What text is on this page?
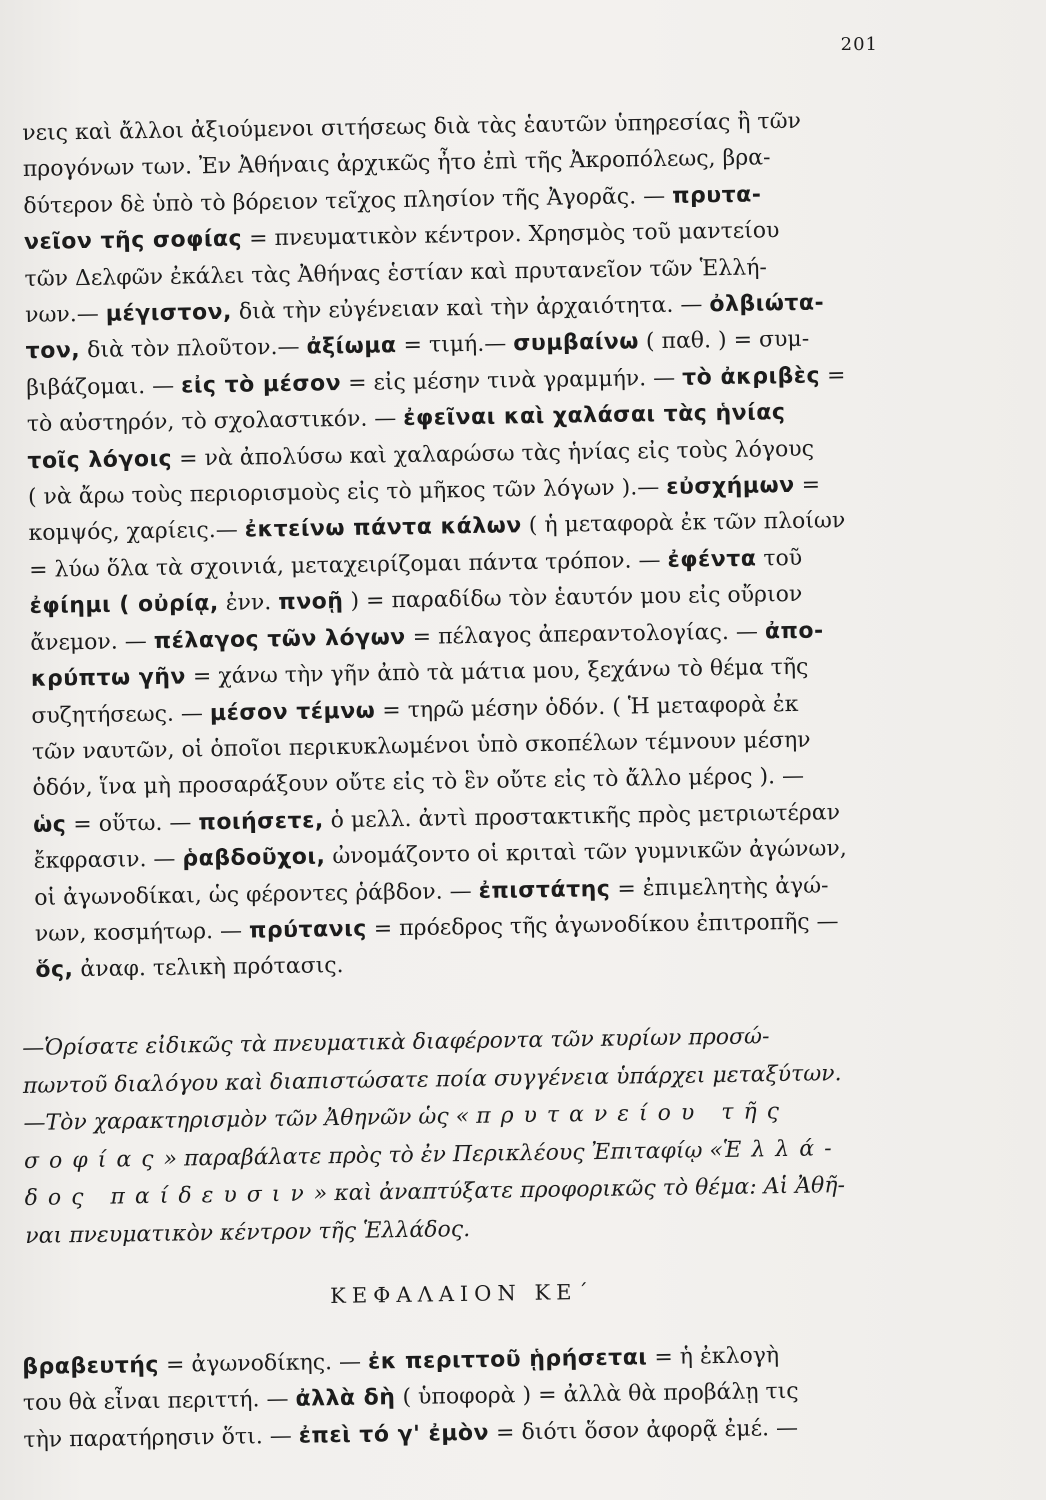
201
νεις καὶ ἄλλοι ἀξιούμενοι σιτήσεως διὰ τὰς ἑαυτῶν ὑπηρεσίας ἢ τῶν
προγόνων των. Ἐν Ἀθήναις ἀρχικῶς ἦτο ἐπὶ τῆς Ἀκροπόλεως, βρα-
δύτερον δὲ ὑπὸ τὸ βόρειον τεῖχος πλησίον τῆς Ἀγορᾶς. — πρυτα-
νεῖον τῆς σοφίας = πνευματικὸν κέντρον. Χρησμὸς τοῦ μαντείου
τῶν Δελφῶν ἐκάλει τὰς Ἀθήνας ἑστίαν καὶ πρυτανεῖον τῶν Ἑλλή-
νων.— μέγιστον, διὰ τὴν εὐγένειαν καὶ τὴν ἀρχαιότητα. — ὀλβιώτα-
τον, διὰ τὸν πλοῦτον.— ἀξίωμα = τιμή.— συμβαίνω ( παθ. ) = συμ-
βιβάζομαι. — εἰς τὸ μέσον = εἰς μέσην τινὰ γραμμήν. — τὸ ἀκριβὲς =
τὸ αὐστηρόν, τὸ σχολαστικόν. — ἐφεῖναι καὶ χαλάσαι τὰς ἡνίας
τοῖς λόγοις = νὰ ἀπολύσω καὶ χαλαρώσω τὰς ἡνίας εἰς τοὺς λόγους
( νὰ ἄρω τοὺς περιορισμοὺς εἰς τὸ μῆκος τῶν λόγων ).— εὐσχήμων =
κομψός, χαρίεις.— ἐκτείνω πάντα κάλων ( ἡ μεταφορὰ ἐκ τῶν πλοίων
= λύω ὅλα τὰ σχοινιά, μεταχειρίζομαι πάντα τρόπον. — ἐφέντα τοῦ
ἐφίημι ( οὐρίᾳ, ἐνν. πνοῇ ) = παραδίδω τὸν ἑαυτόν μου εἰς οὔριον
ἄνεμον. — πέλαγος τῶν λόγων = πέλαγος ἀπεραντολογίας. — ἀπο-
κρύπτω γῆν = χάνω τὴν γῆν ἀπὸ τὰ μάτια μου, ξεχάνω τὸ θέμα τῆς
συζητήσεως. — μέσον τέμνω = τηρῶ μέσην ὁδόν. ( Ἡ μεταφορὰ ἐκ
τῶν ναυτῶν, οἱ ὁποῖοι περικυκλωμένοι ὑπὸ σκοπέλων τέμνουν μέσην
ὁδόν, ἵνα μὴ προσαράξουν οὔτε εἰς τὸ ἓν οὔτε εἰς τὸ ἄλλο μέρος ). —
ὡς = οὕτω. — ποιήσετε, ὁ μελλ. ἀντὶ προστακτικῆς πρὸς μετριωτέραν
ἔκφρασιν. — ῥαβδοῦχοι, ὠνομάζοντο οἱ κριταὶ τῶν γυμνικῶν ἀγώνων,
οἱ ἀγωνοδίκαι, ὡς φέροντες ῥάβδον. — ἐπιστάτης = ἐπιμελητὴς ἀγώ-
νων, κοσμήτωρ. — πρύτανις = πρόεδρος τῆς ἀγωνοδίκου ἐπιτροπῆς —
ὅς, ἀναφ. τελικὴ πρότασις.
—Ὁρίσατε εἰδικῶς τὰ πνευματικὰ διαφέροντα τῶν κυρίων προσώ-
πωντοῦ διαλόγου καὶ διαπιστώσατε ποία συγγένεια ὑπάρχει μεταξύτων.
—Τὸν χαρακτηρισμὸν τῶν Ἀθηνῶν ὡς « πρυτανείου τῆς
σοφίας» παραβάλατε πρὸς τὸ ἐν Περικλέους Ἐπιταφίῳ «Ἑλλά-
δος παίδευσιν» καὶ ἀναπτύξατε προφορικῶς τὸ θέμα: Αἱ Ἀθῆ-
ναι πνευματικὸν κέντρον τῆς Ἑλλάδος.
ΚΕΦΑΛΑΙΟΝ ΚΕ΄
βραβευτής = ἀγωνοδίκης. — ἐκ περιττοῦ ᾑρήσεται = ἡ ἐκλογὴ
του θὰ εἶναι περιττή. — ἀλλὰ δὴ ( ὑποφορὰ ) = ἀλλὰ θὰ προβάλῃ τις
τὴν παρατήρησιν ὅτι. — ἐπεὶ τό γ' ἐμὸν = διότι ὅσον ἀφορᾷ ἐμέ. —
